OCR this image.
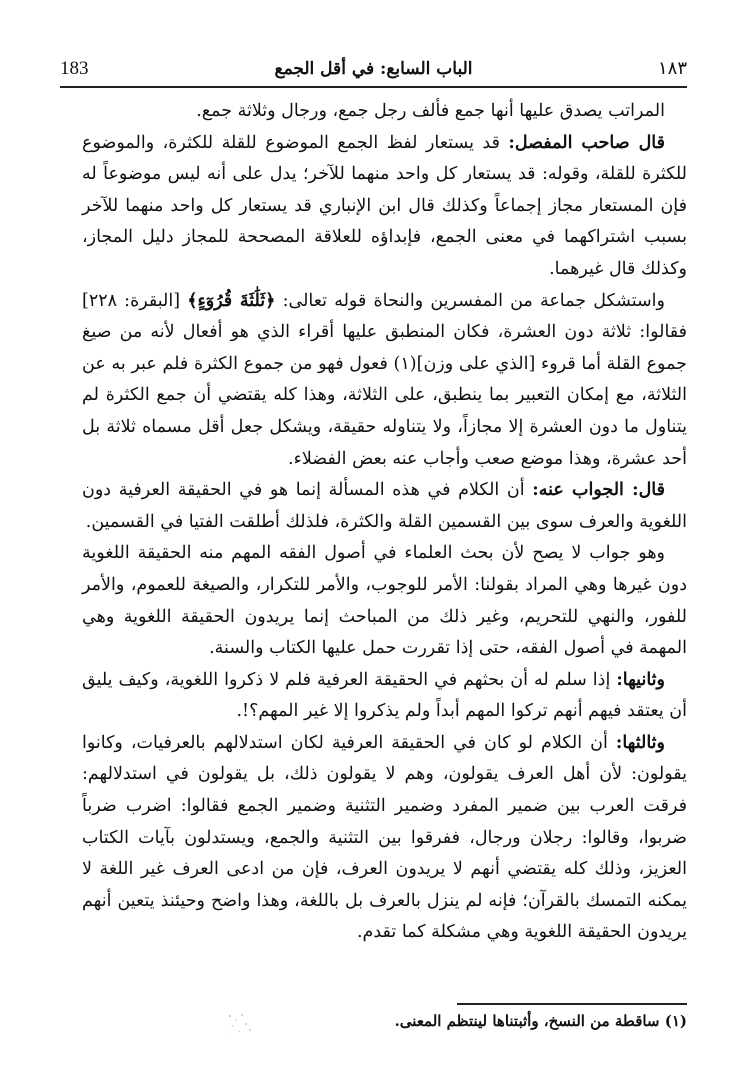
183	الباب السابع: في أقل الجمع	١٨٣

المراتب يصدق عليها أنها جمع فألف رجل جمع، ورجال وثلاثة جمع.

قال صاحب المفصل: قد يستعار لفظ الجمع الموضوع للقلة للكثرة، والموضوع للكثرة للقلة، وقوله: قد يستعار كل واحد منهما للآخر؛ يدل على أنه ليس موضوعاً له فإن المستعار مجاز إجماعاً وكذلك قال ابن الإنباري قد يستعار كل واحد منهما للآخر بسبب اشتراكهما في معنى الجمع، فإبداؤه للعلاقة المصححة للمجاز دليل المجاز، وكذلك قال غيرهما.

واستشكل جماعة من المفسرين والنحاة قوله تعالى: ﴿ثَلَٰثَةَ قُرُوٓءٍ﴾ [البقرة: ٢٢٨] فقالوا: ثلاثة دون العشرة، فكان المنطبق عليها أقراء الذي هو أفعال لأنه من صيغ جموع القلة أما قروء [الذي على وزن](١) فعول فهو من جموع الكثرة فلم عبر به عن الثلاثة، مع إمكان التعبير بما ينطبق، على الثلاثة، وهذا كله يقتضي أن جمع الكثرة لم يتناول ما دون العشرة إلا مجازاً، ولا يتناوله حقيقة، ويشكل جعل أقل مسماه ثلاثة بل أحد عشرة، وهذا موضع صعب وأجاب عنه بعض الفضلاء.

قال: الجواب عنه: أن الكلام في هذه المسألة إنما هو في الحقيقة العرفية دون اللغوية والعرف سوى بين القسمين القلة والكثرة، فلذلك أطلقت الفتيا في القسمين.

وهو جواب لا يصح لأن بحث العلماء في أصول الفقه المهم منه الحقيقة اللغوية دون غيرها وهي المراد بقولنا: الأمر للوجوب، والأمر للتكرار، والصيغة للعموم، والأمر للفور، والنهي للتحريم، وغير ذلك من المباحث إنما يريدون الحقيقة اللغوية وهي المهمة في أصول الفقه، حتى إذا تقررت حمل عليها الكتاب والسنة.

وثانيها: إذا سلم له أن بحثهم في الحقيقة العرفية فلم لا ذكروا اللغوية، وكيف يليق أن يعتقد فيهم أنهم تركوا المهم أبداً ولم يذكروا إلا غير المهم؟!.

وثالثها: أن الكلام لو كان في الحقيقة العرفية لكان استدلالهم بالعرفيات، وكانوا يقولون: لأن أهل العرف يقولون، وهم لا يقولون ذلك، بل يقولون في استدلالهم: فرقت العرب بين ضمير المفرد وضمير التثنية وضمير الجمع فقالوا: اضرب ضرباً ضربوا، وقالوا: رجلان ورجال، ففرقوا بين التثنية والجمع، ويستدلون بآيات الكتاب العزيز، وذلك كله يقتضي أنهم لا يريدون العرف، فإن من ادعى العرف غير اللغة لا يمكنه التمسك بالقرآن؛ فإنه لم ينزل بالعرف بل باللغة، وهذا واضح وحيئنذ يتعين أنهم يريدون الحقيقة اللغوية وهي مشكلة كما تقدم.

(١) ساقطة من النسخ، وأثبتناها لينتظم المعنى.
